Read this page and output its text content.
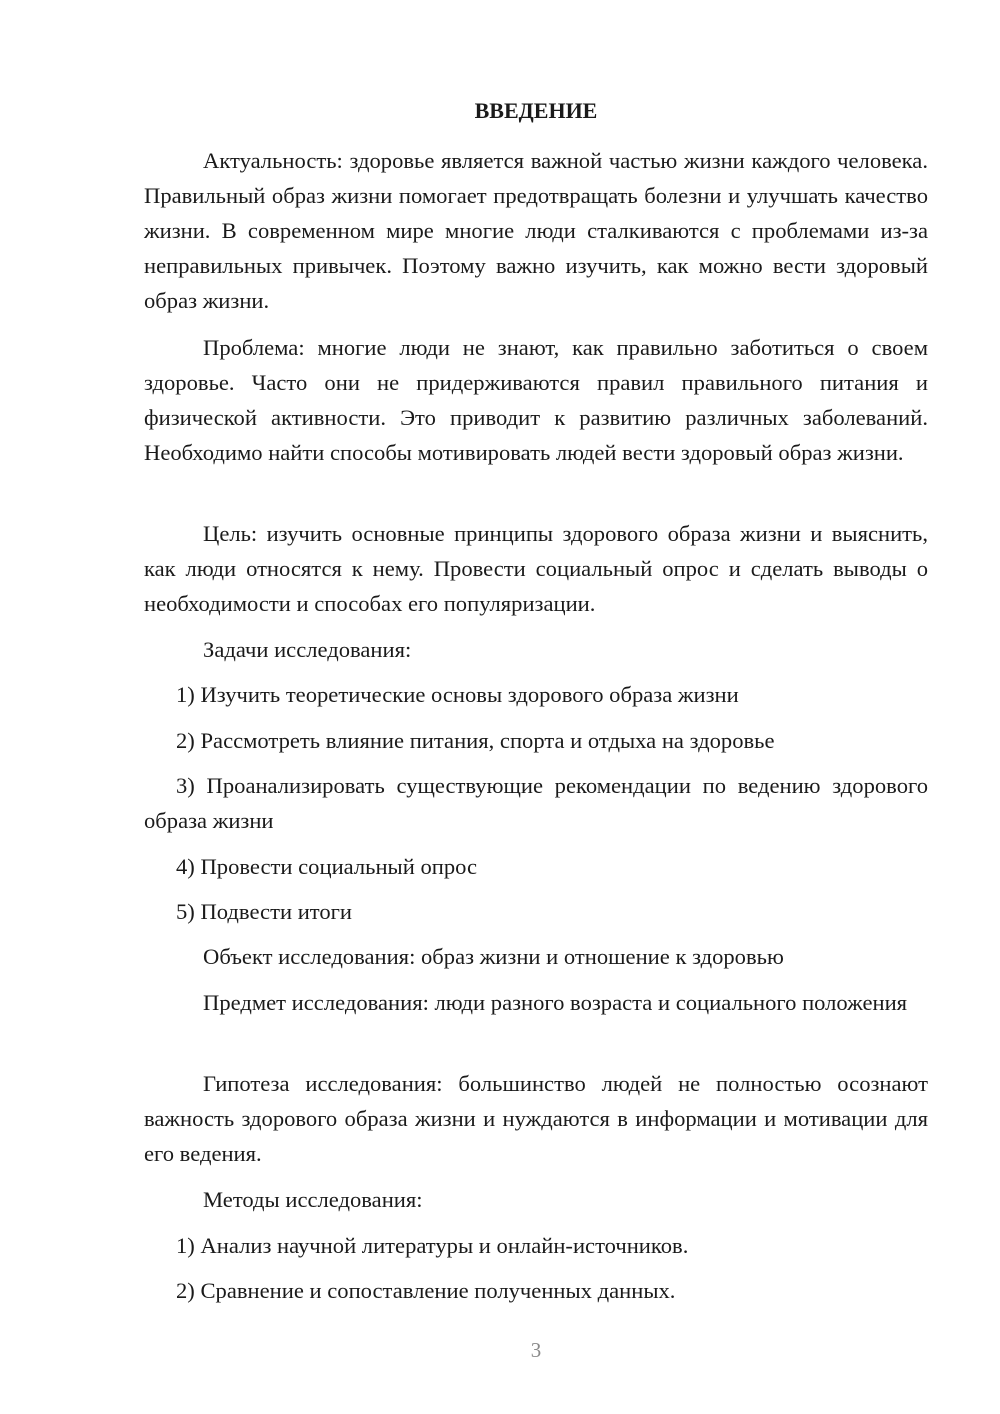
ВВЕДЕНИЕ

Актуальность: здоровье является важной частью жизни каждого человека. Правильный образ жизни помогает предотвращать болезни и улучшать качество жизни. В современном мире многие люди сталкиваются с проблемами из-за неправильных привычек. Поэтому важно изучить, как можно вести здоровый образ жизни.

Проблема: многие люди не знают, как правильно заботиться о своем здоровье. Часто они не придерживаются правил правильного питания и физической активности. Это приводит к развитию различных заболеваний. Необходимо найти способы мотивировать людей вести здоровый образ жизни.

Цель: изучить основные принципы здорового образа жизни и выяснить, как люди относятся к нему. Провести социальный опрос и сделать выводы о необходимости и способах его популяризации.

Задачи исследования:

1) Изучить теоретические основы здорового образа жизни

2) Рассмотреть влияние питания, спорта и отдыха на здоровье

3) Проанализировать существующие рекомендации по ведению здорового образа жизни

4) Провести социальный опрос

5) Подвести итоги

Объект исследования: образ жизни и отношение к здоровью

Предмет исследования: люди разного возраста и социального положения

Гипотеза исследования: большинство людей не полностью осознают важность здорового образа жизни и нуждаются в информации и мотивации для его ведения.

Методы исследования:

1) Анализ научной литературы и онлайн-источников.

2) Сравнение и сопоставление полученных данных.

3
